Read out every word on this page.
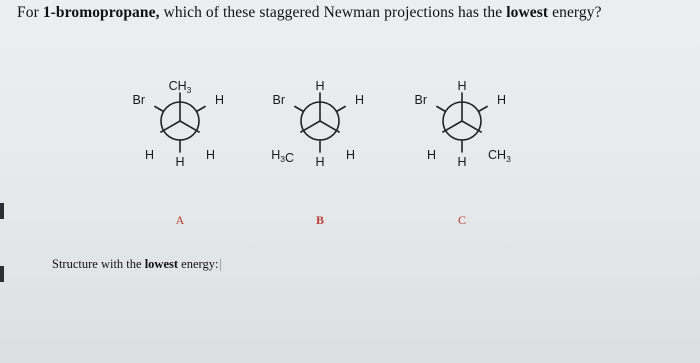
For 1-bromopropane, which of these staggered Newman projections has the lowest energy?
$CH_3$
H	H
Br	H
H
A
H
$H_3C$	H
Br	H
H
B
H
H	$CH_3$
Br	H
H
C
Structure with the lowest energy:
